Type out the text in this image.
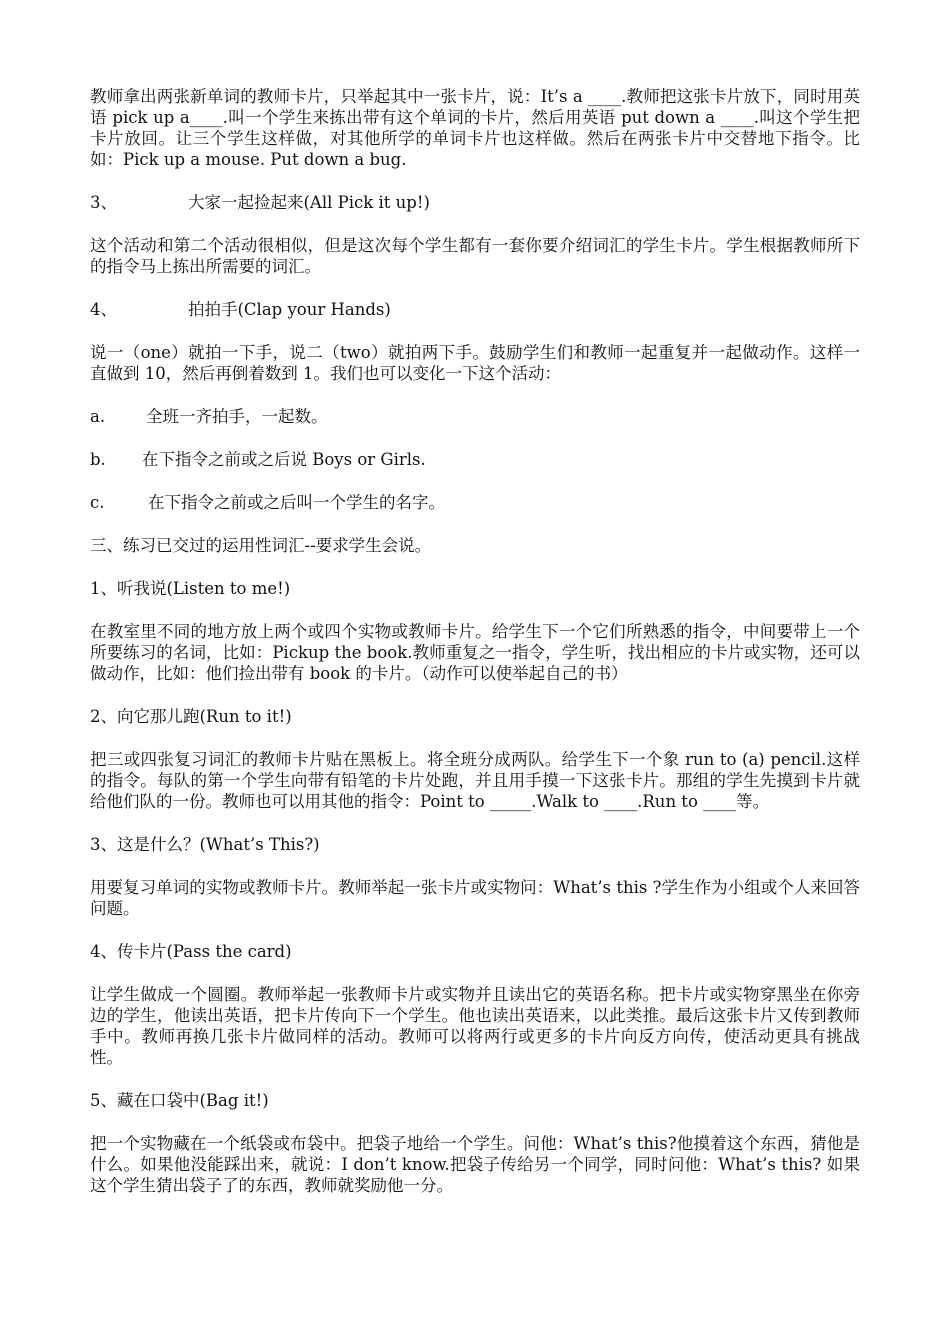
教师拿出两张新单词的教师卡片，只举起其中一张卡片，说：It’s a ____.教师把这张卡片放下，同时用英语 pick up a____.叫一个学生来拣出带有这个单词的卡片，然后用英语 put down a ____.叫这个学生把卡片放回。让三个学生这样做，对其他所学的单词卡片也这样做。然后在两张卡片中交替地下指令。比如：Pick up a mouse. Put down a bug.

3、	大家一起捡起来(All Pick it up!)

这个活动和第二个活动很相似，但是这次每个学生都有一套你要介绍词汇的学生卡片。学生根据教师所下的指令马上拣出所需要的词汇。

4、	拍拍手(Clap your Hands)

说一（one）就拍一下手，说二（two）就拍两下手。鼓励学生们和教师一起重复并一起做动作。这样一直做到 10，然后再倒着数到 1。我们也可以变化一下这个活动：

a. 全班一齐拍手，一起数。

b. 在下指令之前或之后说 Boys or Girls.

c.	在下指令之前或之后叫一个学生的名字。

三、练习已交过的运用性词汇--要求学生会说。

1、听我说(Listen to me!)

在教室里不同的地方放上两个或四个实物或教师卡片。给学生下一个它们所熟悉的指令，中间要带上一个所要练习的名词，比如：Pickup the book.教师重复之一指令，学生听，找出相应的卡片或实物，还可以做动作，比如：他们捡出带有 book 的卡片。（动作可以使举起自己的书）

2、向它那儿跑(Run to it!)

把三或四张复习词汇的教师卡片贴在黑板上。将全班分成两队。给学生下一个象 run to (a) pencil.这样的指令。每队的第一个学生向带有铅笔的卡片处跑，并且用手摸一下这张卡片。那组的学生先摸到卡片就给他们队的一份。教师也可以用其他的指令：Point to _____.Walk to ____.Run to ____等。

3、这是什么？(What’s This?)

用要复习单词的实物或教师卡片。教师举起一张卡片或实物问：What’s this ?学生作为小组或个人来回答问题。

4、传卡片(Pass the card)

让学生做成一个圆圈。教师举起一张教师卡片或实物并且读出它的英语名称。把卡片或实物穿黑坐在你旁边的学生，他读出英语，把卡片传向下一个学生。他也读出英语来，以此类推。最后这张卡片又传到教师手中。教师再换几张卡片做同样的活动。教师可以将两行或更多的卡片向反方向传，使活动更具有挑战性。

5、藏在口袋中(Bag it!)

把一个实物藏在一个纸袋或布袋中。把袋子地给一个学生。问他：What’s this?他摸着这个东西，猜他是什么。如果他没能踩出来，就说：I don’t know.把袋子传给另一个同学，同时问他：What’s this? 如果这个学生猜出袋子了的东西，教师就奖励他一分。
